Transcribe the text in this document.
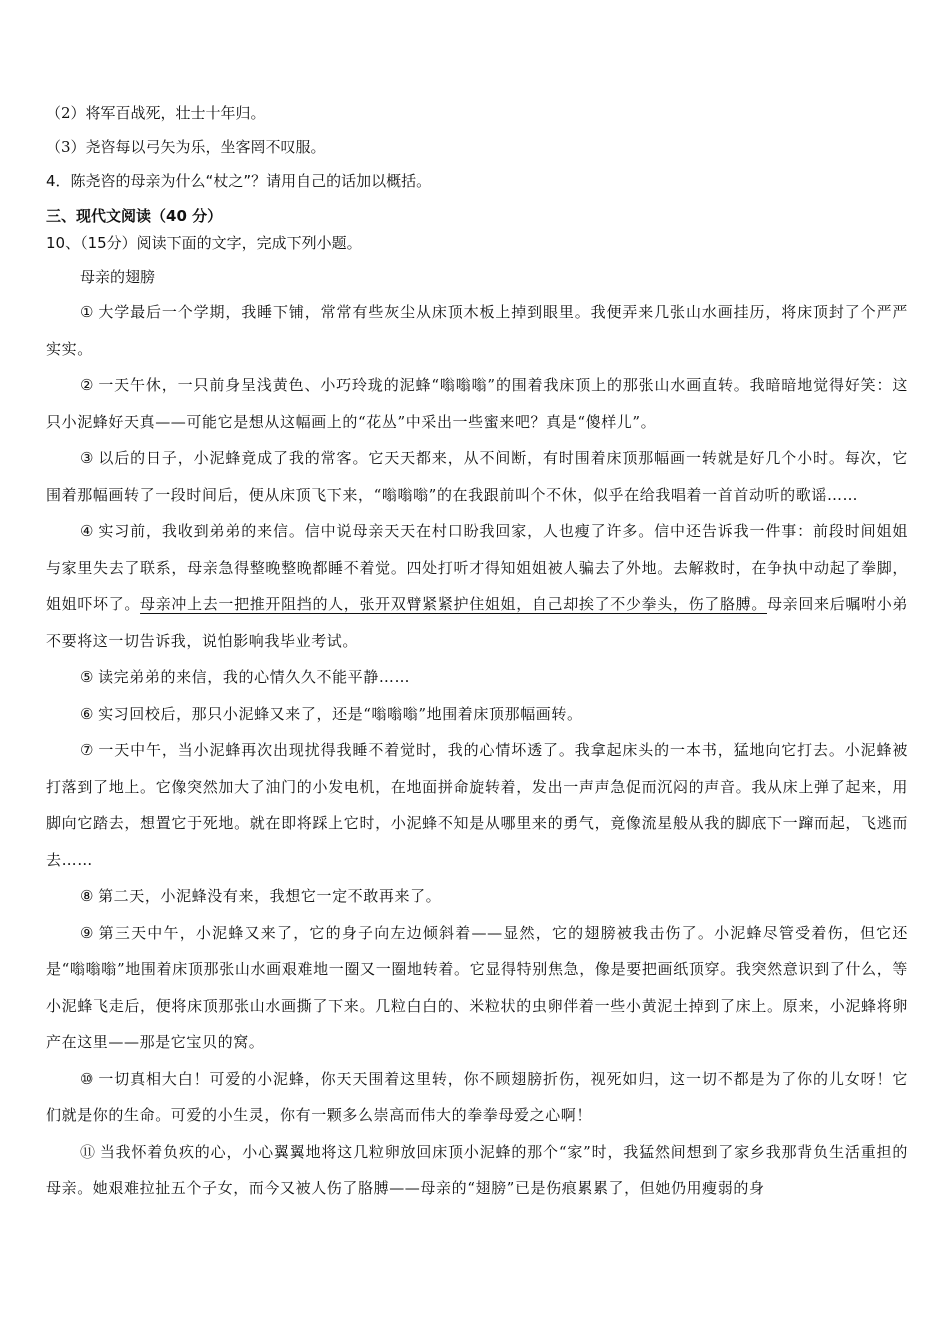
（2）将军百战死，壮士十年归。

（3）尧咨每以弓矢为乐，坐客罔不叹服。

4．陈尧咨的母亲为什么“杖之”？请用自己的话加以概括。

三、现代文阅读（40 分）

10、（15分）阅读下面的文字，完成下列小题。

母亲的翅膀

① 大学最后一个学期，我睡下铺，常常有些灰尘从床顶木板上掉到眼里。我便弄来几张山水画挂历，将床顶封了个严严实实。

② 一天午休，一只前身呈浅黄色、小巧玲珑的泥蜂“嗡嗡嗡”的围着我床顶上的那张山水画直转。我暗暗地觉得好笑：这只小泥蜂好天真——可能它是想从这幅画上的“花丛”中采出一些蜜来吧？真是“傻样儿”。

③ 以后的日子，小泥蜂竟成了我的常客。它天天都来，从不间断，有时围着床顶那幅画一转就是好几个小时。每次，它围着那幅画转了一段时间后，便从床顶飞下来，“嗡嗡嗡”的在我跟前叫个不休，似乎在给我唱着一首首动听的歌谣……

④ 实习前，我收到弟弟的来信。信中说母亲天天在村口盼我回家，人也瘦了许多。信中还告诉我一件事：前段时间姐姐与家里失去了联系，母亲急得整晚整晚都睡不着觉。四处打听才得知姐姐被人骗去了外地。去解救时，在争执中动起了拳脚，姐姐吓坏了。母亲冲上去一把推开阻挡的人，张开双臂紧紧护住姐姐，自己却挨了不少拳头，伤了胳膊。母亲回来后嘱咐小弟不要将这一切告诉我，说怕影响我毕业考试。

⑤ 读完弟弟的来信，我的心情久久不能平静……

⑥ 实习回校后，那只小泥蜂又来了，还是“嗡嗡嗡”地围着床顶那幅画转。

⑦ 一天中午，当小泥蜂再次出现扰得我睡不着觉时，我的心情坏透了。我拿起床头的一本书，猛地向它打去。小泥蜂被打落到了地上。它像突然加大了油门的小发电机，在地面拼命旋转着，发出一声声急促而沉闷的声音。我从床上弹了起来，用脚向它踏去，想置它于死地。就在即将踩上它时，小泥蜂不知是从哪里来的勇气，竟像流星般从我的脚底下一蹿而起，飞逃而去……

⑧ 第二天，小泥蜂没有来，我想它一定不敢再来了。

⑨ 第三天中午，小泥蜂又来了，它的身子向左边倾斜着——显然，它的翅膀被我击伤了。小泥蜂尽管受着伤，但它还是“嗡嗡嗡”地围着床顶那张山水画艰难地一圈又一圈地转着。它显得特别焦急，像是要把画纸顶穿。我突然意识到了什么，等小泥蜂飞走后，便将床顶那张山水画撕了下来。几粒白白的、米粒状的虫卵伴着一些小黄泥土掉到了床上。原来，小泥蜂将卵产在这里——那是它宝贝的窝。

⑩ 一切真相大白！可爱的小泥蜂，你天天围着这里转，你不顾翅膀折伤，视死如归，这一切不都是为了你的儿女呀！它们就是你的生命。可爱的小生灵，你有一颗多么崇高而伟大的拳拳母爱之心啊！

⑪ 当我怀着负疚的心，小心翼翼地将这几粒卵放回床顶小泥蜂的那个“家”时，我猛然间想到了家乡我那背负生活重担的母亲。她艰难拉扯五个子女，而今又被人伤了胳膊——母亲的“翅膀”已是伤痕累累了，但她仍用瘦弱的身
